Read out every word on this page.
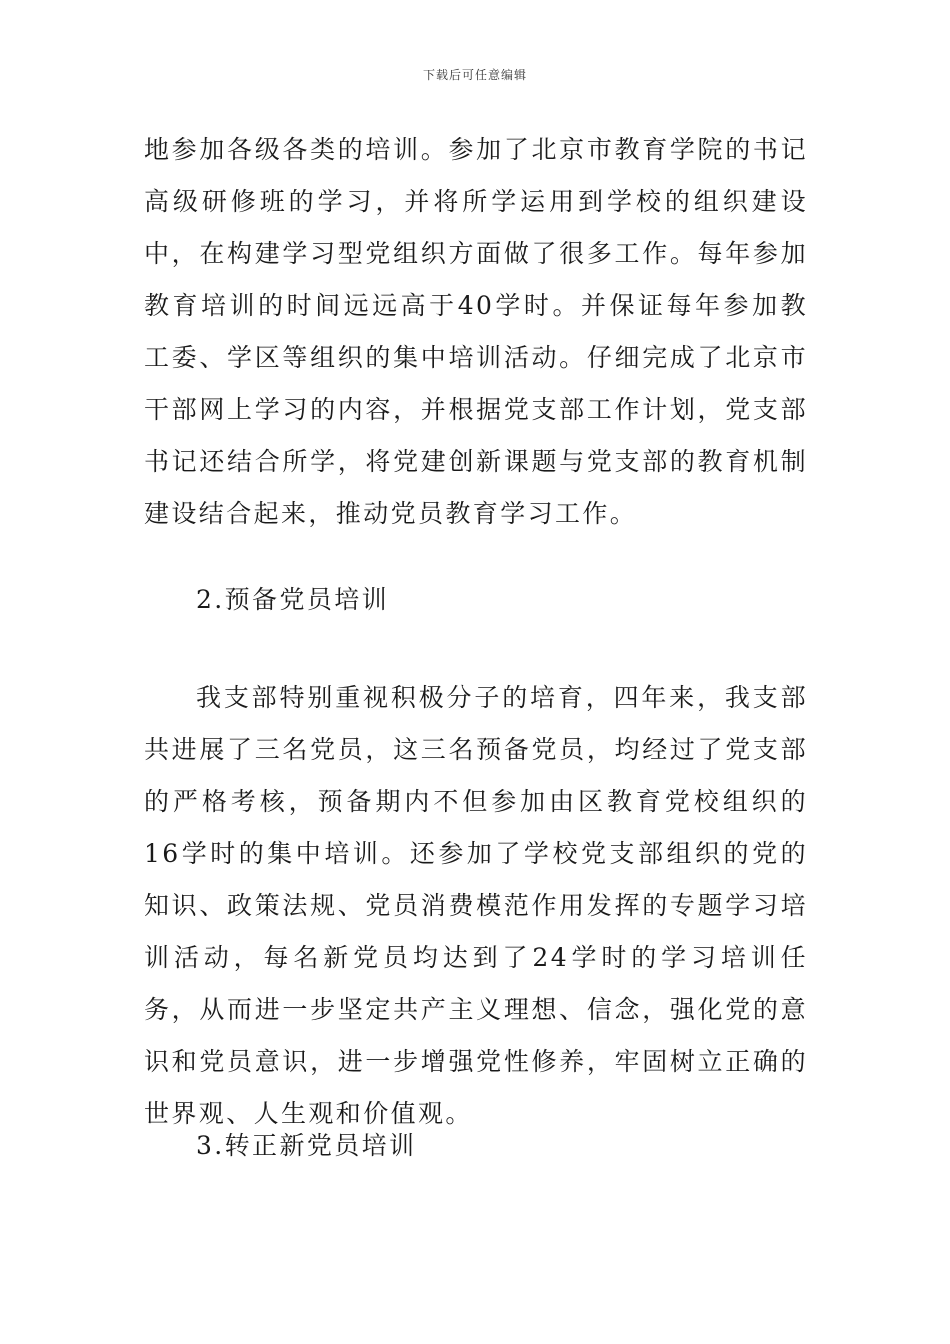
下载后可任意编辑

地参加各级各类的培训。参加了北京市教育学院的书记高级研修班的学习，并将所学运用到学校的组织建设中，在构建学习型党组织方面做了很多工作。每年参加教育培训的时间远远高于40学时。并保证每年参加教工委、学区等组织的集中培训活动。仔细完成了北京市干部网上学习的内容，并根据党支部工作计划，党支部书记还结合所学，将党建创新课题与党支部的教育机制建设结合起来，推动党员教育学习工作。

2.预备党员培训

我支部特别重视积极分子的培育，四年来，我支部共进展了三名党员，这三名预备党员，均经过了党支部的严格考核，预备期内不但参加由区教育党校组织的16学时的集中培训。还参加了学校党支部组织的党的知识、政策法规、党员消费模范作用发挥的专题学习培训活动，每名新党员均达到了24学时的学习培训任务，从而进一步坚定共产主义理想、信念，强化党的意识和党员意识，进一步增强党性修养，牢固树立正确的世界观、人生观和价值观。

3.转正新党员培训
